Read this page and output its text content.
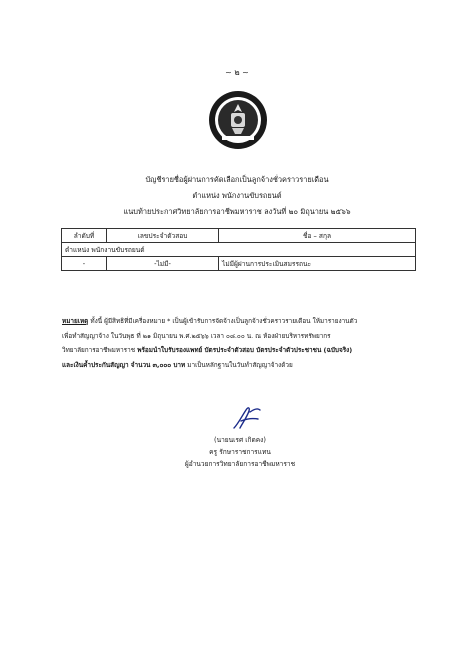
~ ๒ ~
บัญชีรายชื่อผู้ผ่านการคัดเลือกเป็นลูกจ้างชั่วคราวรายเดือน
ตำแหน่ง พนักงานขับรถยนต์
แนบท้ายประกาศวิทยาลัยการอาชีพมหาราช ลงวันที่ ๒๐ มิถุนายน ๒๕๖๖
ลำดับที่	เลขประจำตัวสอบ	ชื่อ – สกุล
ตำแหน่ง พนักงานขับรถยนต์		
-	-ไม่มี-	ไม่มีผู้ผ่านการประเมินสมรรถนะ
หมายเหตุ ทั้งนี้ ผู้มีสิทธิที่มีเครื่องหมาย * เป็นผู้เข้ารับการจัดจ้างเป็นลูกจ้างชั่วคราวรายเดือน ให้มารายงานตัว
เพื่อทำสัญญาจ้าง ในวันพุธ ที่ ๒๑ มิถุนายน พ.ศ.๒๕๖๖ เวลา ๐๘.๐๐ น. ณ ห้องฝ่ายบริหารทรัพยากร
วิทยาลัยการอาชีพมหาราช พร้อมนำใบรับรองแพทย์ บัตรประจำตัวสอบ บัตรประจำตัวประชาชน (ฉบับจริง)
และเงินค้ำประกันสัญญา จำนวน ๓,๐๐๐ บาท มาเป็นหลักฐานในวันทำสัญญาจ้างด้วย
(นายนเรศ เกิดคง)
ครู รักษาราชการแทน
ผู้อำนวยการวิทยาลัยการอาชีพมหาราช
